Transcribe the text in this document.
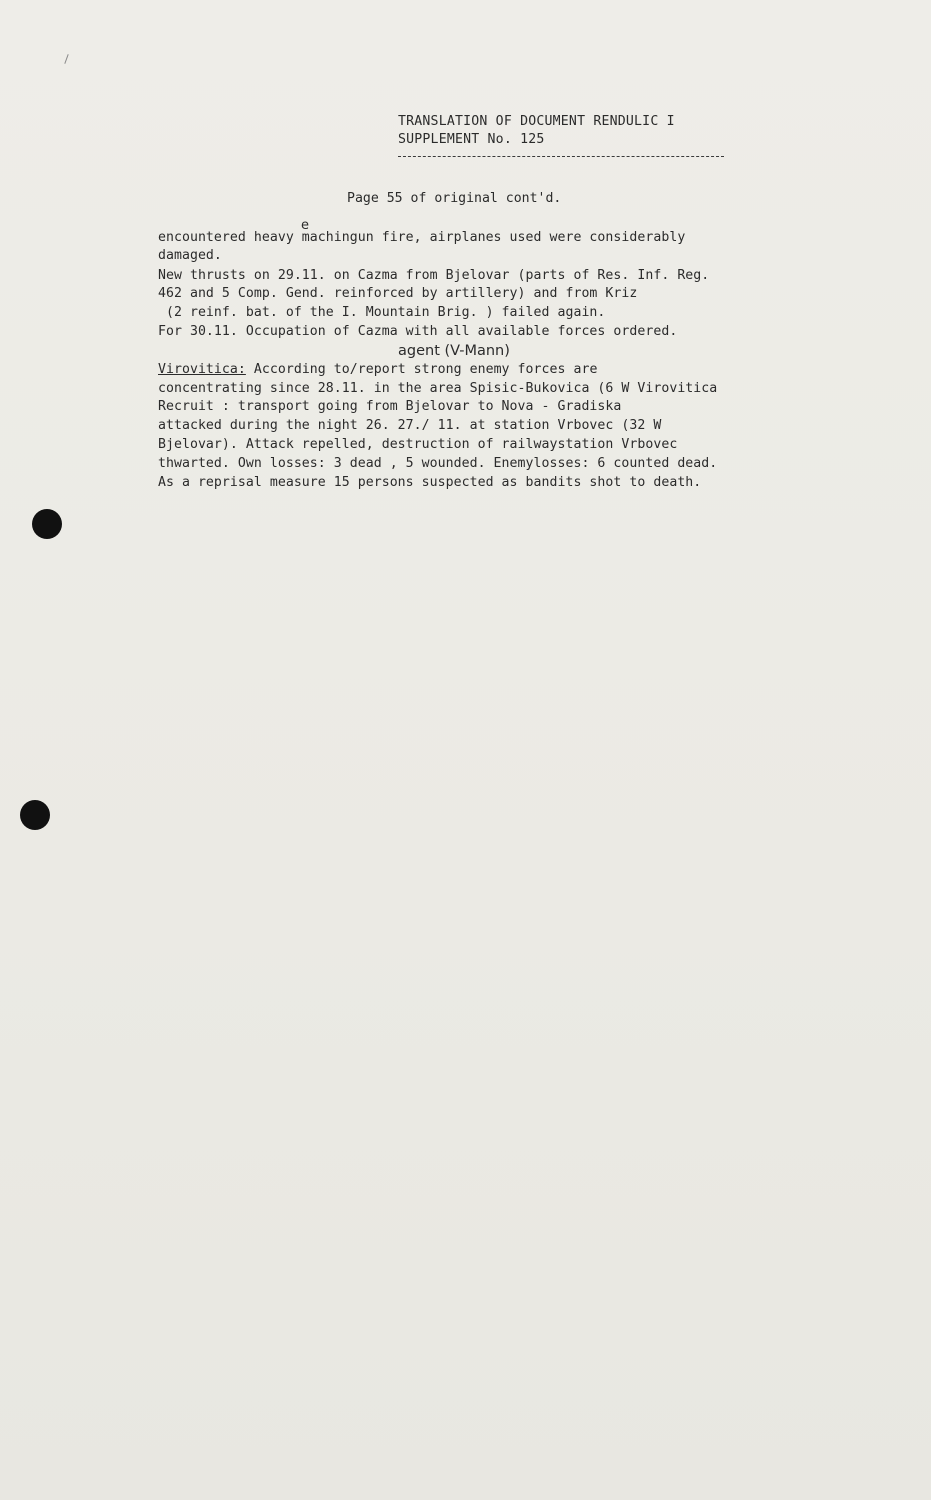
TRANSLATION OF DOCUMENT RENDULIC I
SUPPLEMENT No. 125
Page 55 of original cont'd.
e
encountered heavy machingun fire, airplanes used were considerably
damaged.
New thrusts on 29.11. on Cazma from Bjelovar (parts of Res. Inf. Reg.
462 and 5 Comp. Gend. reinforced by artillery) and from Kriz
(2 reinf. bat. of the I. Mountain Brig. ) failed again.
For 30.11. Occupation of Cazma with all available forces ordered.
agent (V-Mann)
Virovitica: According to/report strong enemy forces are
concentrating since 28.11. in the area Spisic-Bukovica (6 W Virovitica
Recruit : transport going from Bjelovar to Nova - Gradiska
attacked during the night 26. 27./ 11. at station Vrbovec (32 W
Bjelovar). Attack repelled, destruction of railwaystation Vrbovec
thwarted. Own losses: 3 dead , 5 wounded. Enemylosses: 6 counted dead.
As a reprisal measure 15 persons suspected as bandits shot to death.
